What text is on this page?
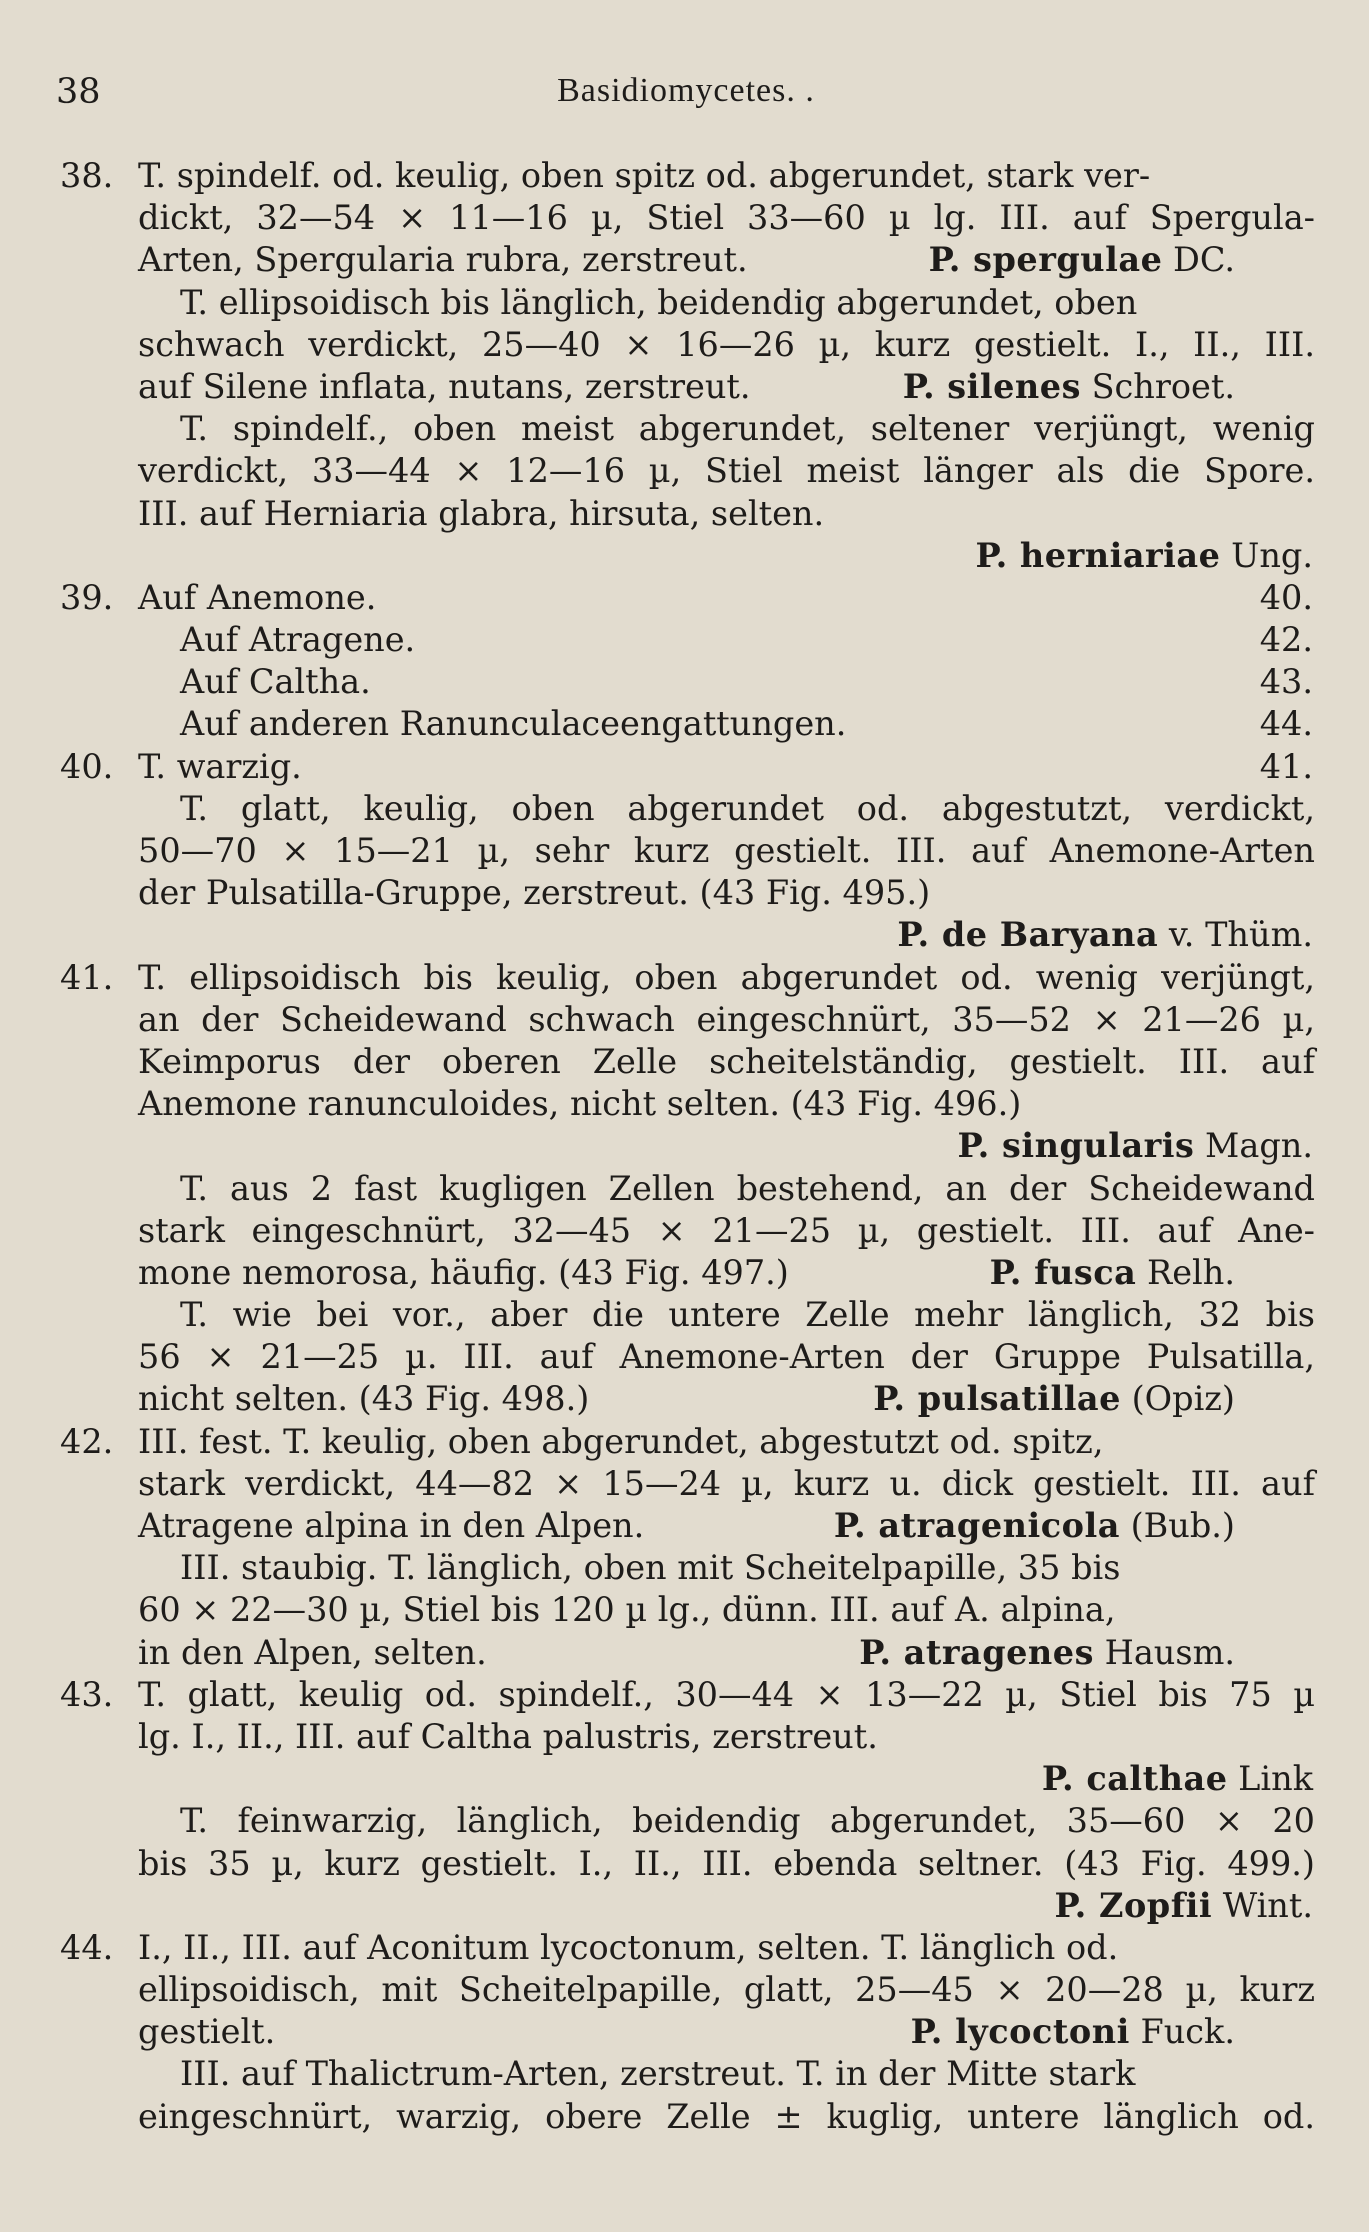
38	Basidiomycetes. .
38. T. spindelf. od. keulig, oben spitz od. abgerundet, stark ver-
dickt, 32—54 × 11—16 µ, Stiel 33—60 µ lg. III. auf Spergula-
Arten, Spergularia rubra, zerstreut.	P. spergulae DC.
T. ellipsoidisch bis länglich, beidendig abgerundet, oben
schwach verdickt, 25—40 × 16—26 µ, kurz gestielt. I., II., III.
auf Silene inflata, nutans, zerstreut.	P. silenes Schroet.
T. spindelf., oben meist abgerundet, seltener verjüngt, wenig
verdickt, 33—44 × 12—16 µ, Stiel meist länger als die Spore.
III. auf Herniaria glabra, hirsuta, selten.
P. herniariae Ung.
39. Auf Anemone.	40.
Auf Atragene.	42.
Auf Caltha.	43.
Auf anderen Ranunculaceengattungen.	44.
40. T. warzig.	41.
T. glatt, keulig, oben abgerundet od. abgestutzt, verdickt,
50—70 × 15—21 µ, sehr kurz gestielt. III. auf Anemone-Arten
der Pulsatilla-Gruppe, zerstreut. (43 Fig. 495.)
P. de Baryana v. Thüm.
41. T. ellipsoidisch bis keulig, oben abgerundet od. wenig verjüngt,
an der Scheidewand schwach eingeschnürt, 35—52 × 21—26 µ,
Keimporus der oberen Zelle scheitelständig, gestielt. III. auf
Anemone ranunculoides, nicht selten. (43 Fig. 496.)
P. singularis Magn.
T. aus 2 fast kugligen Zellen bestehend, an der Scheidewand
stark eingeschnürt, 32—45 × 21—25 µ, gestielt. III. auf Ane-
mone nemorosa, häufig. (43 Fig. 497.)	P. fusca Relh.
T. wie bei vor., aber die untere Zelle mehr länglich, 32 bis
56 × 21—25 µ. III. auf Anemone-Arten der Gruppe Pulsatilla,
nicht selten. (43 Fig. 498.)	P. pulsatillae (Opiz)
42. III. fest. T. keulig, oben abgerundet, abgestutzt od. spitz,
stark verdickt, 44—82 × 15—24 µ, kurz u. dick gestielt. III. auf
Atragene alpina in den Alpen.	P. atragenicola (Bub.)
III. staubig. T. länglich, oben mit Scheitelpapille, 35 bis
60 × 22—30 µ, Stiel bis 120 µ lg., dünn. III. auf A. alpina,
in den Alpen, selten.	P. atragenes Hausm.
43. T. glatt, keulig od. spindelf., 30—44 × 13—22 µ, Stiel bis 75 µ
lg. I., II., III. auf Caltha palustris, zerstreut.
P. calthae Link
T. feinwarzig, länglich, beidendig abgerundet, 35—60 × 20
bis 35 µ, kurz gestielt. I., II., III. ebenda seltner. (43 Fig. 499.)
P. Zopfii Wint.
44. I., II., III. auf Aconitum lycoctonum, selten. T. länglich od.
ellipsoidisch, mit Scheitelpapille, glatt, 25—45 × 20—28 µ, kurz
gestielt.	P. lycoctoni Fuck.
III. auf Thalictrum-Arten, zerstreut. T. in der Mitte stark
eingeschnürt, warzig, obere Zelle ± kuglig, untere länglich od.
